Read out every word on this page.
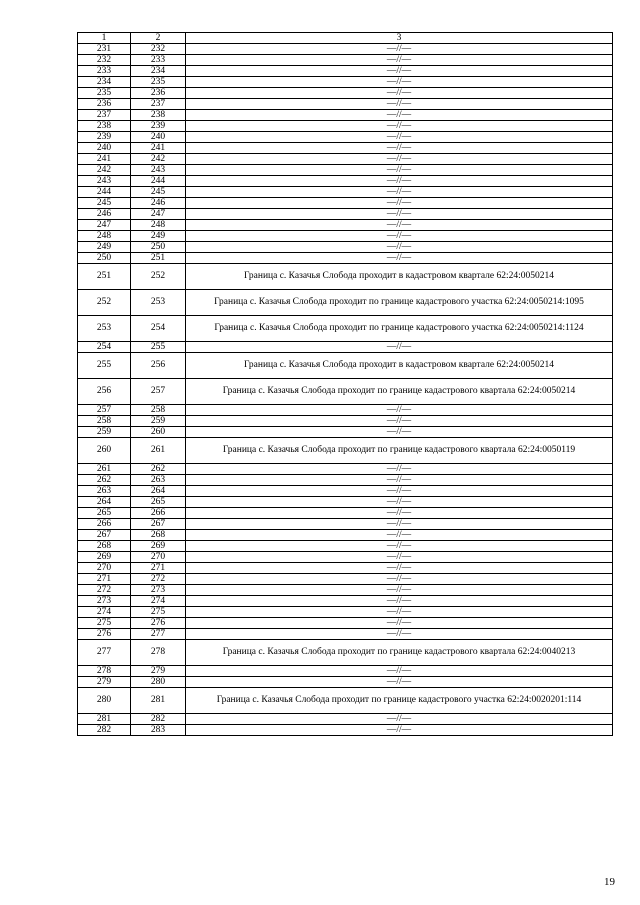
1	2	3
231	232	—//—
232	233	—//—
233	234	—//—
234	235	—//—
235	236	—//—
236	237	—//—
237	238	—//—
238	239	—//—
239	240	—//—
240	241	—//—
241	242	—//—
242	243	—//—
243	244	—//—
244	245	—//—
245	246	—//—
246	247	—//—
247	248	—//—
248	249	—//—
249	250	—//—
250	251	—//—
251	252	Граница с. Казачья Слобода проходит в кадастровом квартале 62:24:0050214
252	253	Граница с. Казачья Слобода проходит по границе кадастрового участка 62:24:0050214:1095
253	254	Граница с. Казачья Слобода проходит по границе кадастрового участка 62:24:0050214:1124
254	255	—//—
255	256	Граница с. Казачья Слобода проходит в кадастровом квартале 62:24:0050214
256	257	Граница с. Казачья Слобода проходит по границе кадастрового квартала 62:24:0050214
257	258	—//—
258	259	—//—
259	260	—//—
260	261	Граница с. Казачья Слобода проходит по границе кадастрового квартала 62:24:0050119
261	262	—//—
262	263	—//—
263	264	—//—
264	265	—//—
265	266	—//—
266	267	—//—
267	268	—//—
268	269	—//—
269	270	—//—
270	271	—//—
271	272	—//—
272	273	—//—
273	274	—//—
274	275	—//—
275	276	—//—
276	277	—//—
277	278	Граница с. Казачья Слобода проходит по границе кадастрового квартала 62:24:0040213
278	279	—//—
279	280	—//—
280	281	Граница с. Казачья Слобода проходит по границе кадастрового участка 62:24:0020201:114
281	282	—//—
282	283	—//—
19
